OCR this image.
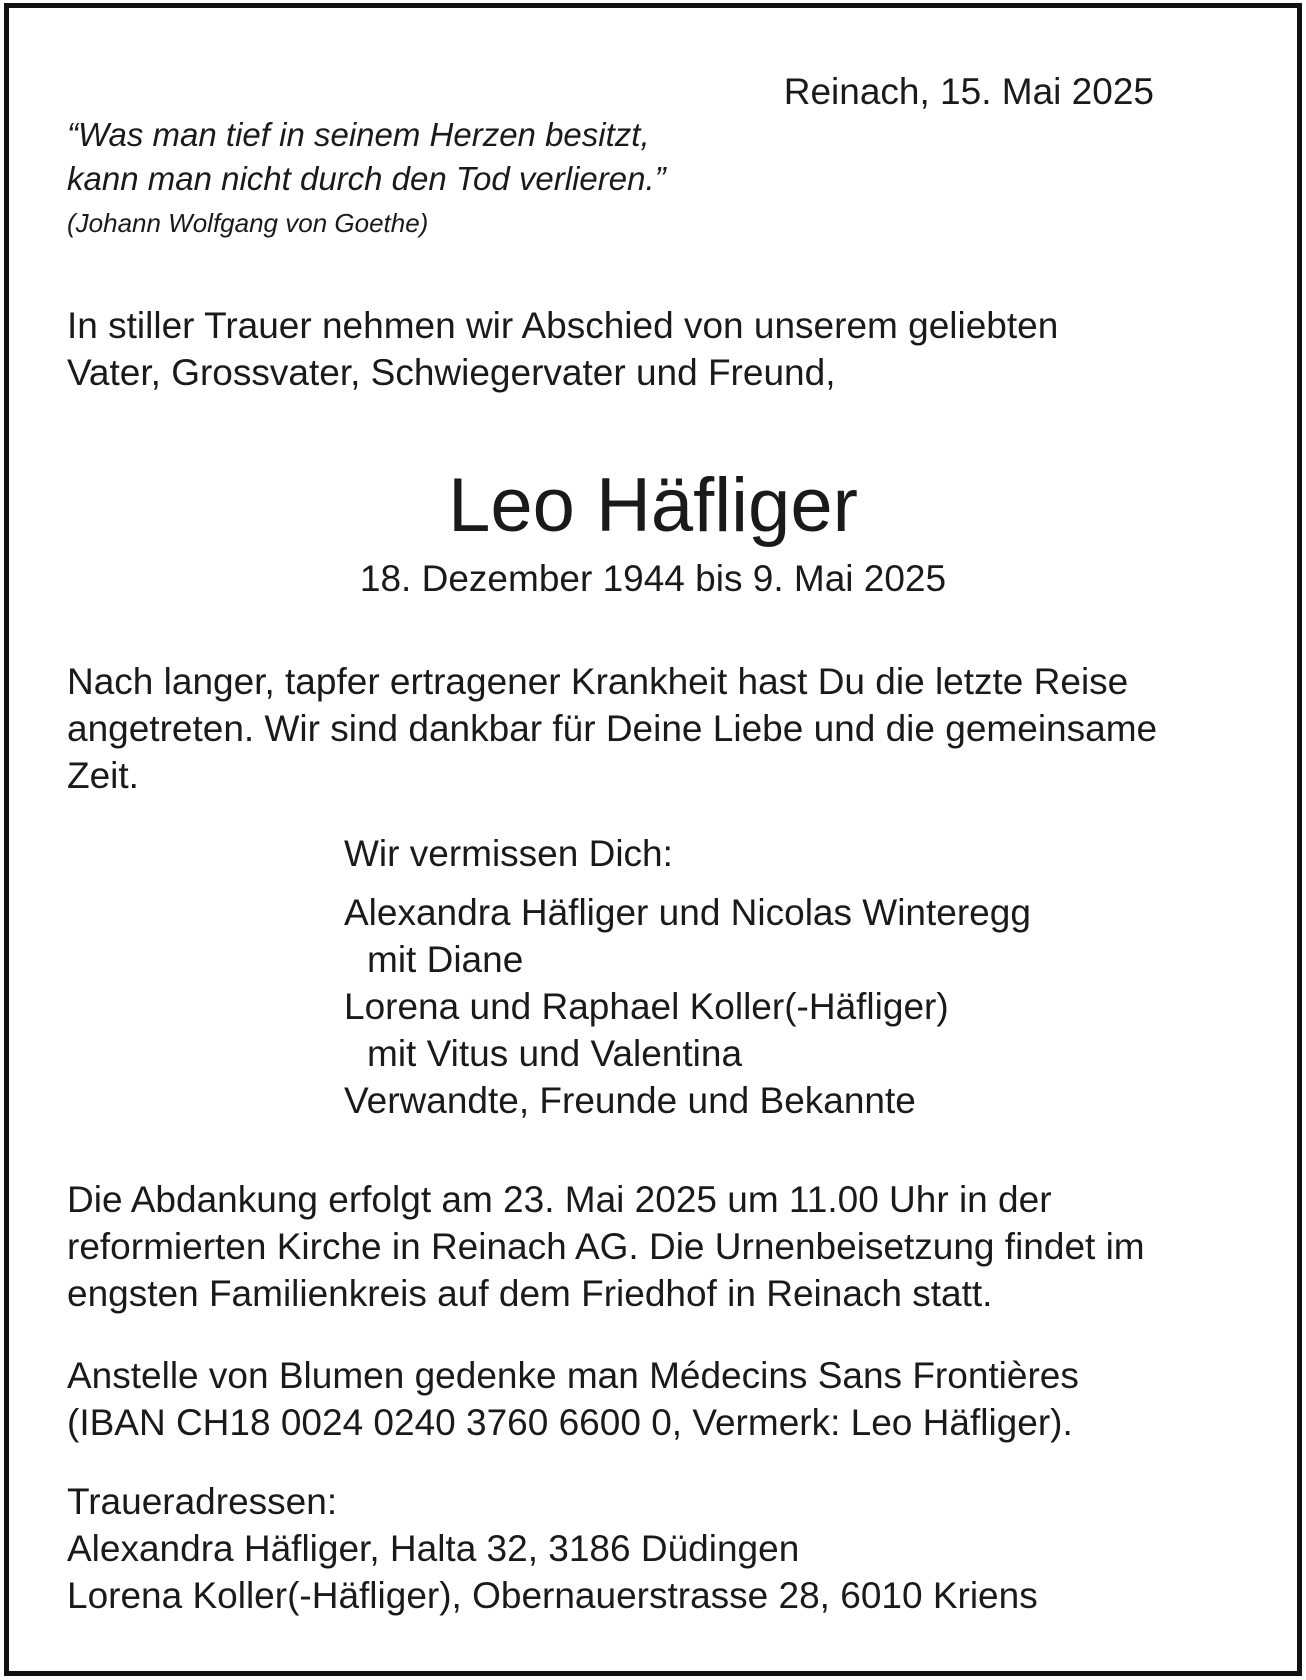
Reinach, 15. Mai 2025

“Was man tief in seinem Herzen besitzt,
kann man nicht durch den Tod verlieren.”

(Johann Wolfgang von Goethe)

In stiller Trauer nehmen wir Abschied von unserem geliebten
Vater, Grossvater, Schwiegervater und Freund,
Leo Häfliger

18. Dezember 1944 bis 9. Mai 2025

Nach langer, tapfer ertragener Krankheit hast Du die letzte Reise
angetreten. Wir sind dankbar für Deine Liebe und die gemeinsame
Zeit.

Wir vermissen Dich:

Alexandra Häfliger und Nicolas Winteregg
mit Diane
Lorena und Raphael Koller(-Häfliger)
mit Vitus und Valentina
Verwandte, Freunde und Bekannte
Die Abdankung erfolgt am 23. Mai 2025 um 11.00 Uhr in der
reformierten Kirche in Reinach AG. Die Urnenbeisetzung findet im
engsten Familienkreis auf dem Friedhof in Reinach statt.
Anstelle von Blumen gedenke man Médecins Sans Frontières
(IBAN CH18 0024 0240 3760 6600 0, Vermerk: Leo Häfliger).

Traueradressen:

Alexandra Häfliger, Halta 32, 3186 Düdingen
Lorena Koller(-Häfliger), Obernauerstrasse 28, 6010 Kriens
